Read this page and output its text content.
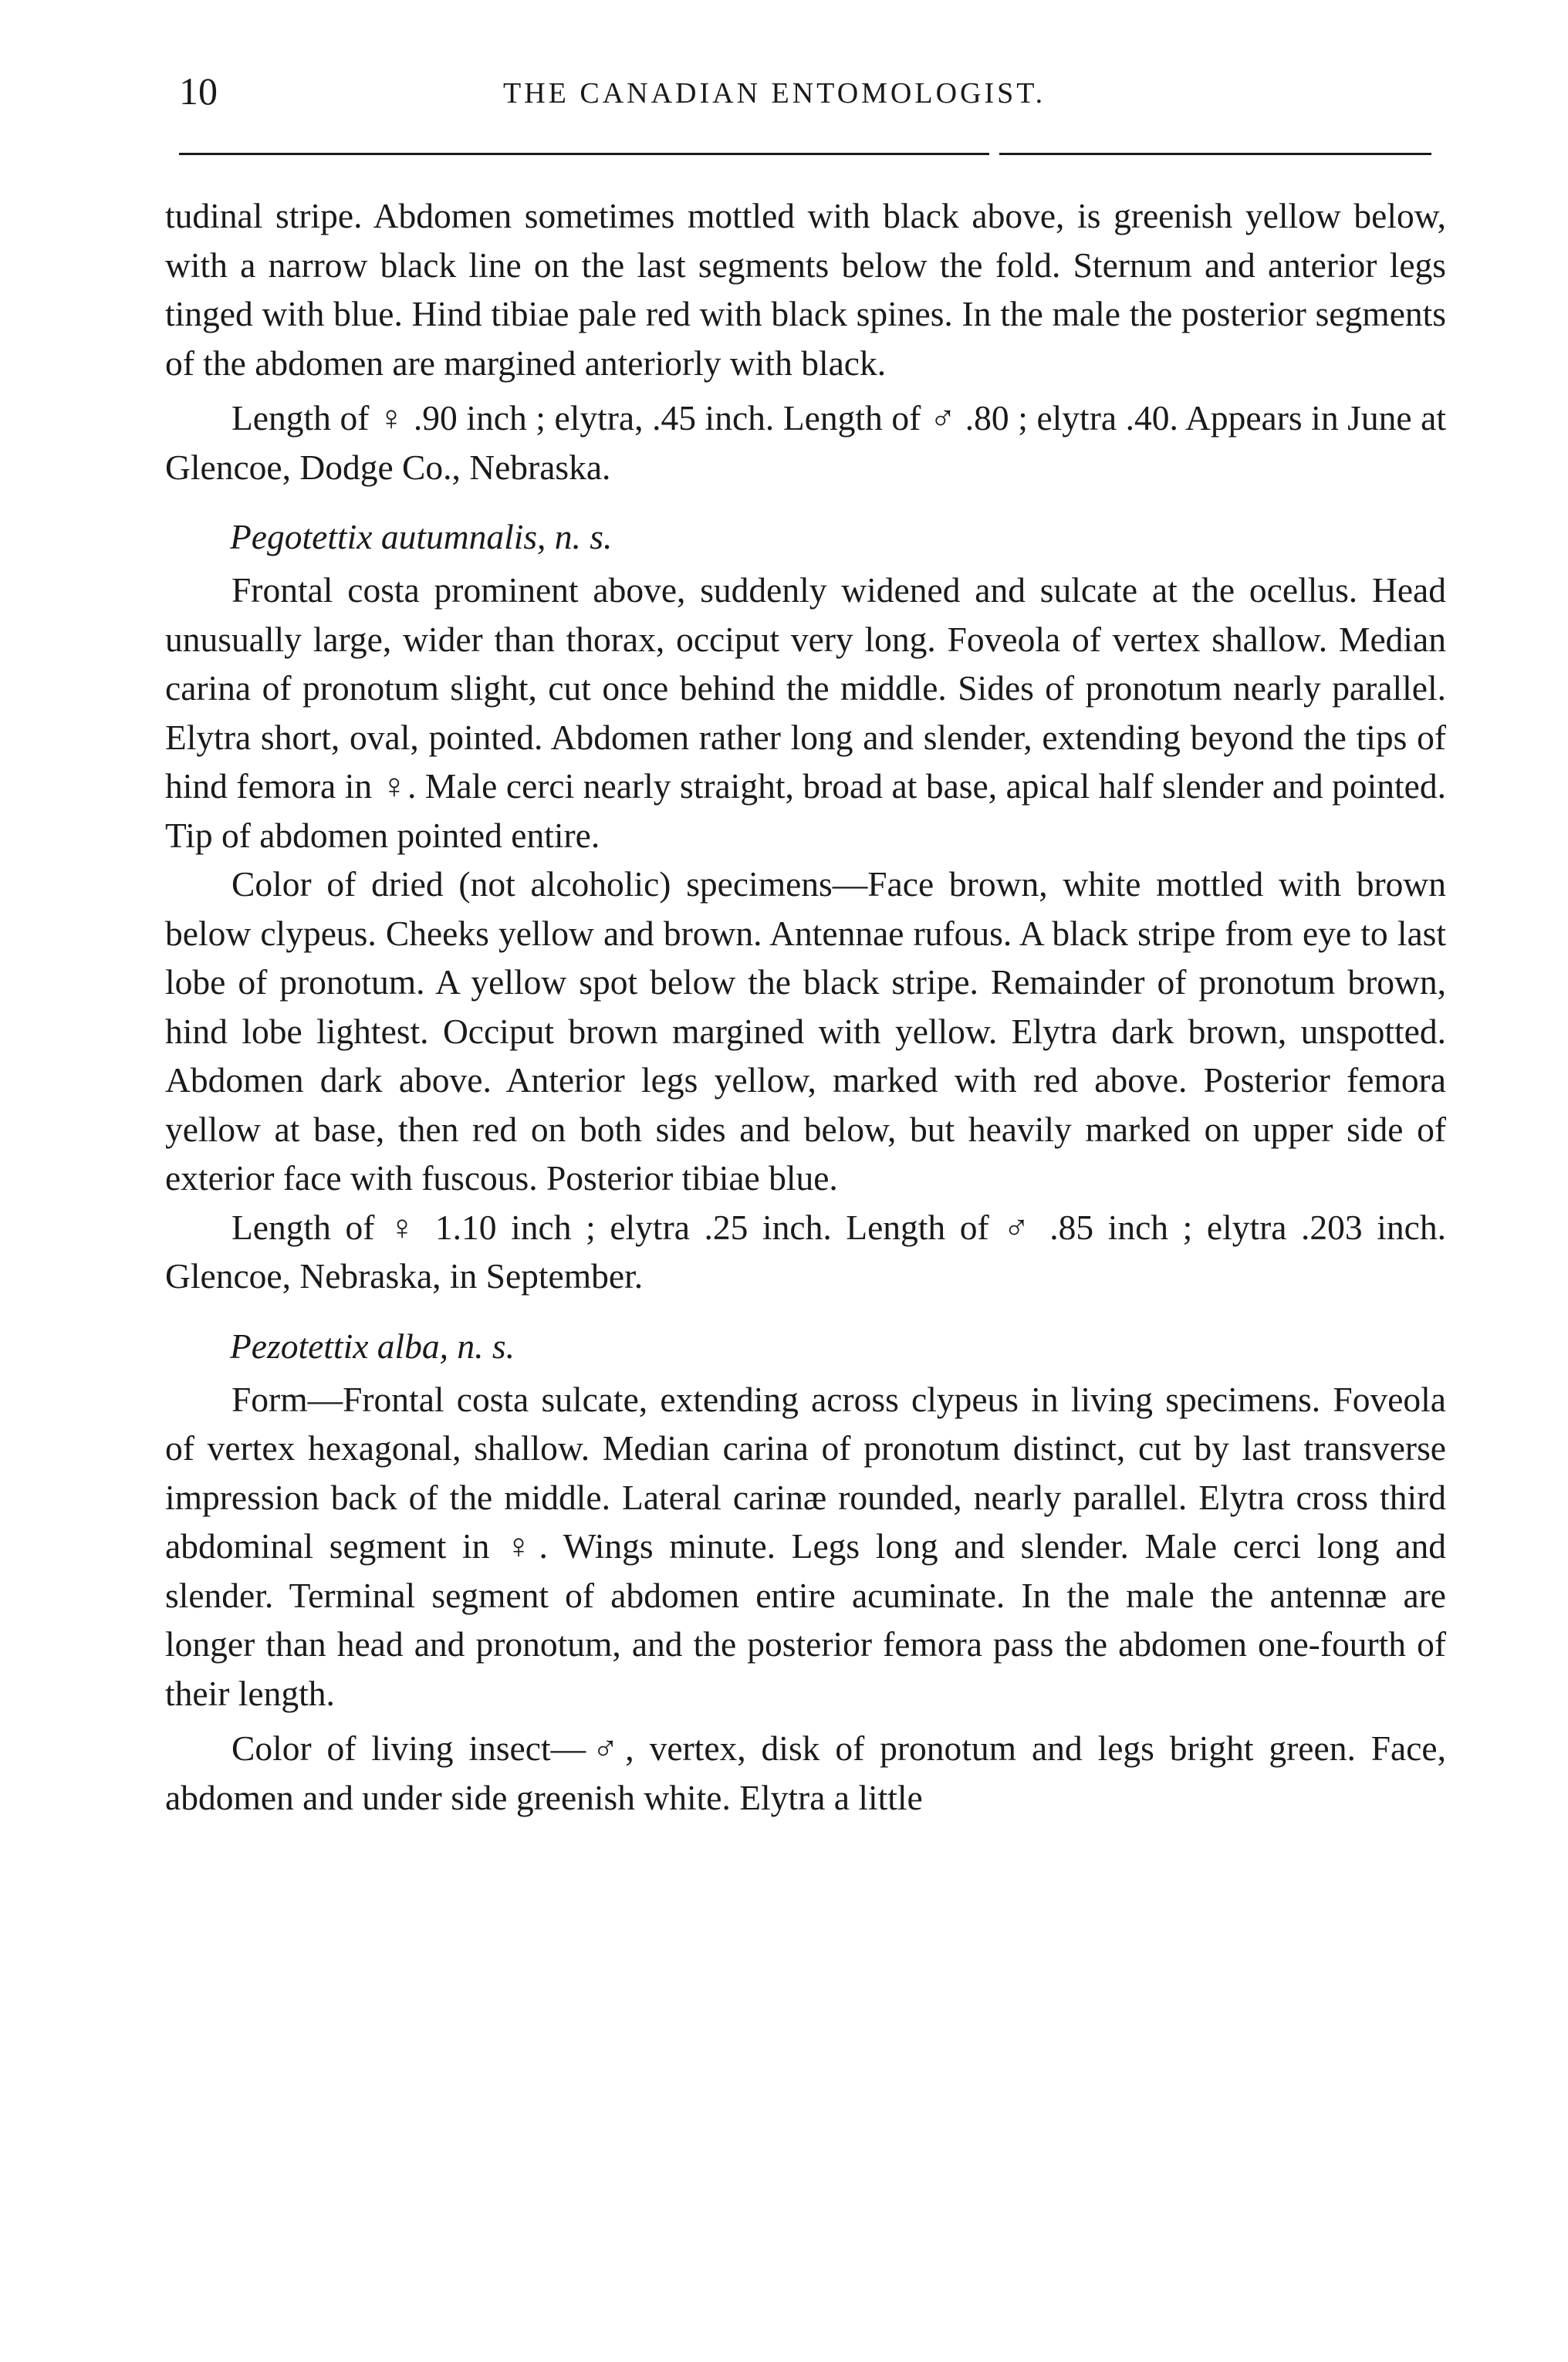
10	THE CANADIAN ENTOMOLOGIST.

tudinal stripe. Abdomen sometimes mottled with black above, is greenish yellow below, with a narrow black line on the last segments below the fold. Sternum and anterior legs tinged with blue. Hind tibiae pale red with black spines. In the male the posterior segments of the abdomen are margined anteriorly with black.

Length of ♀ .90 inch ; elytra, .45 inch. Length of ♂ .80 ; elytra .40. Appears in June at Glencoe, Dodge Co., Nebraska.

Pegotettix autumnalis, n. s.

Frontal costa prominent above, suddenly widened and sulcate at the ocellus. Head unusually large, wider than thorax, occiput very long. Foveola of vertex shallow. Median carina of pronotum slight, cut once behind the middle. Sides of pronotum nearly parallel. Elytra short, oval, pointed. Abdomen rather long and slender, extending beyond the tips of hind femora in ♀. Male cerci nearly straight, broad at base, apical half slender and pointed. Tip of abdomen pointed entire.

Color of dried (not alcoholic) specimens—Face brown, white mottled with brown below clypeus. Cheeks yellow and brown. Antennae rufous. A black stripe from eye to last lobe of pronotum. A yellow spot below the black stripe. Remainder of pronotum brown, hind lobe lightest. Occiput brown margined with yellow. Elytra dark brown, unspotted. Abdomen dark above. Anterior legs yellow, marked with red above. Posterior femora yellow at base, then red on both sides and below, but heavily marked on upper side of exterior face with fuscous. Posterior tibiae blue.

Length of ♀ 1.10 inch ; elytra .25 inch. Length of ♂ .85 inch ; elytra .203 inch. Glencoe, Nebraska, in September.

Pezotettix alba, n. s.

Form—Frontal costa sulcate, extending across clypeus in living specimens. Foveola of vertex hexagonal, shallow. Median carina of pronotum distinct, cut by last transverse impression back of the middle. Lateral carinæ rounded, nearly parallel. Elytra cross third abdominal segment in ♀. Wings minute. Legs long and slender. Male cerci long and slender. Terminal segment of abdomen entire acuminate. In the male the antennæ are longer than head and pronotum, and the posterior femora pass the abdomen one-fourth of their length.

Color of living insect—♂, vertex, disk of pronotum and legs bright green. Face, abdomen and under side greenish white. Elytra a little
